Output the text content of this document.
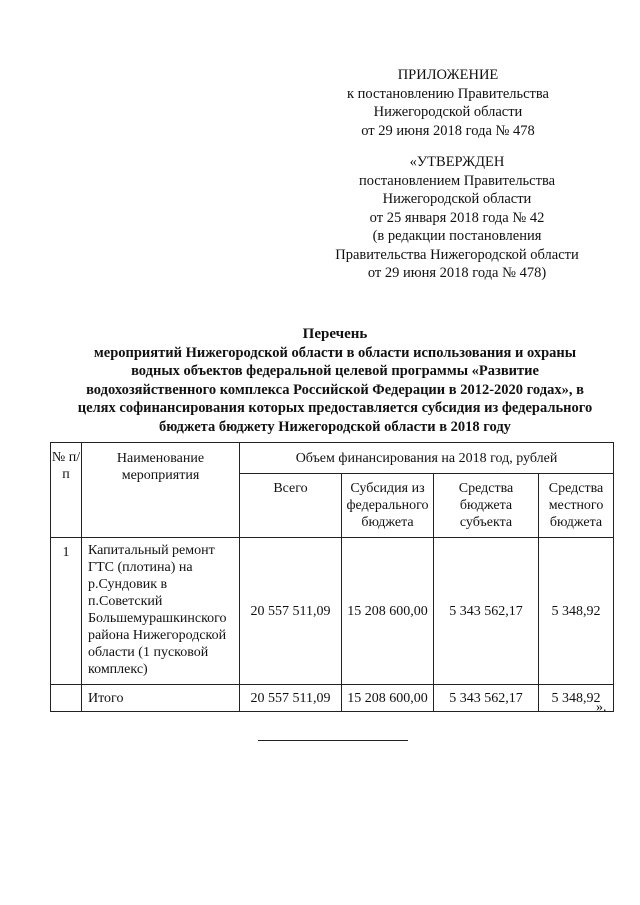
ПРИЛОЖЕНИЕ
к постановлению Правительства
Нижегородской области
от 29 июня 2018 года № 478
«УТВЕРЖДЕН
постановлением Правительства
Нижегородской области
от 25 января 2018 года № 42
(в редакции постановления
Правительства Нижегородской области
от 29 июня 2018 года № 478)
Перечень
мероприятий Нижегородской области в области использования и охраны
водных объектов федеральной целевой программы «Развитие
водохозяйственного комплекса Российской Федерации в 2012-2020 годах», в
целях софинансирования которых предоставляется субсидия из федерального
бюджета бюджету Нижегородской области в 2018 году
№ п/п	Наименование мероприятия	Объем финансирования на 2018 год, рублей			
		Всего	Субсидия из федерального бюджета	Средства бюджета субъекта	Средства местного бюджета
1	Капитальный ремонт ГТС (плотина) на р.Сундовик в п.Советский Большемурашкинского района Нижегородской области (1 пусковой комплекс)	20 557 511,09	15 208 600,00	5 343 562,17	5 348,92
	Итого	20 557 511,09	15 208 600,00	5 343 562,17	5 348,92
».
